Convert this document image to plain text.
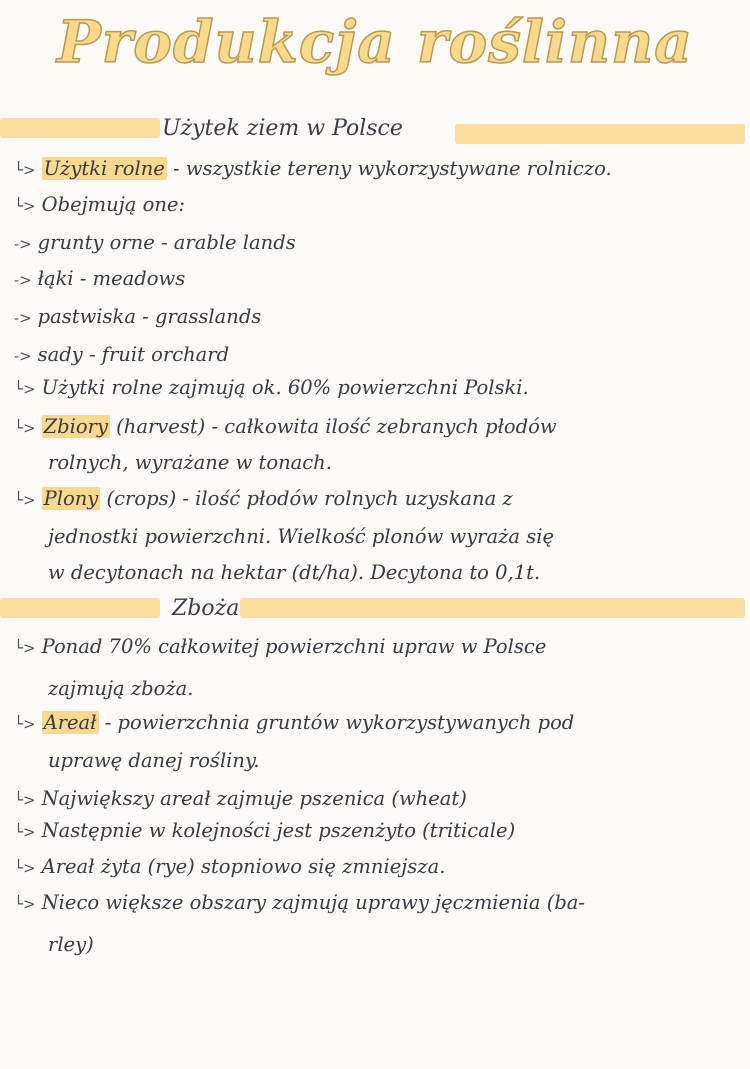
Produkcja roślinna
Użytek ziem w Polsce
└> Użytki rolne - wszystkie tereny wykorzystywane rolniczo.
└> Obejmują one:
-> grunty orne - arable lands
-> łąki - meadows
-> pastwiska - grasslands
-> sady - fruit orchard
└> Użytki rolne zajmują ok. 60% powierzchni Polski.
└> Zbiory (harvest) - całkowita ilość zebranych płodów
rolnych, wyrażane w tonach.
└> Plony (crops) - ilość płodów rolnych uzyskana z
jednostki powierzchni. Wielkość plonów wyraża się
w decytonach na hektar (dt/ha). Decytona to 0,1t.
Zboża
└> Ponad 70% całkowitej powierzchni upraw w Polsce
zajmują zboża.
└> Areał - powierzchnia gruntów wykorzystywanych pod
uprawę danej rośliny.
└> Największy areał zajmuje pszenica (wheat)
└> Następnie w kolejności jest pszenżyto (triticale)
└> Areał żyta (rye) stopniowo się zmniejsza.
└> Nieco większe obszary zajmują uprawy jęczmienia (ba-
rley)
